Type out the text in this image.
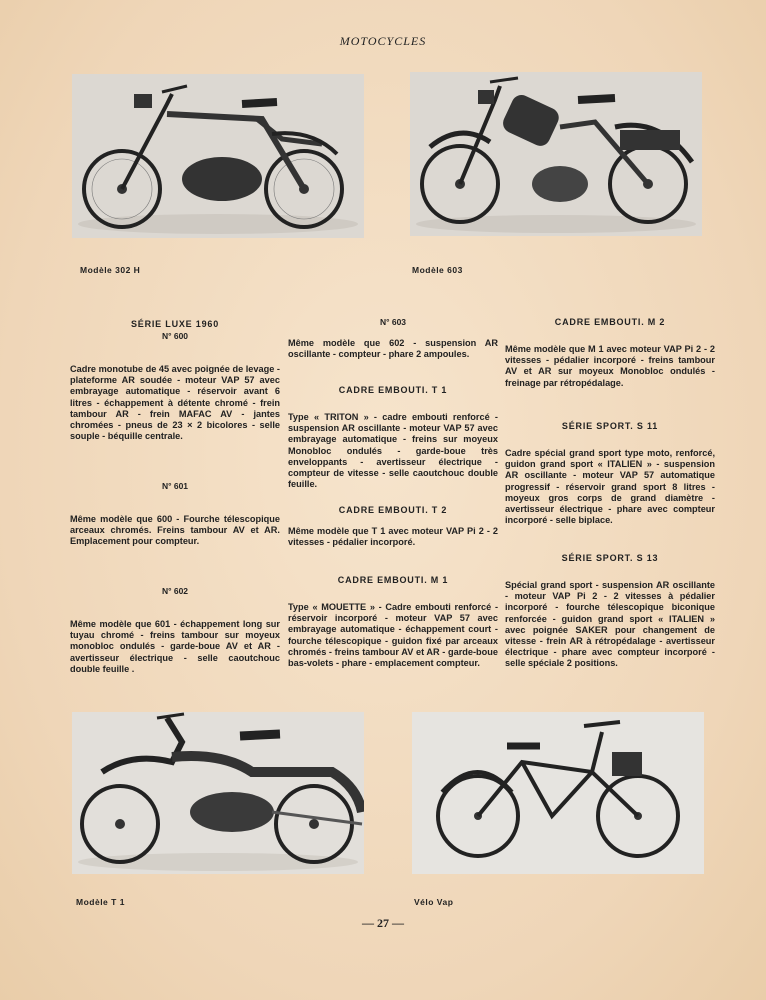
MOTOCYCLES
Modèle 302 H	Modèle 603
SÉRIE LUXE 1960
N° 600
Cadre monotube de 45 avec poignée de levage - plateforme AR soudée - moteur VAP 57 avec embrayage automatique - réservoir avant 6 litres - échappement à détente chromé - frein tambour AR - frein MAFAC AV - jantes chromées - pneus de 23 × 2 bicolores - selle souple - béquille centrale.
N° 601
Même modèle que 600 - Fourche télescopique arceaux chromés. Freins tambour AV et AR. Emplacement pour compteur.
N° 602
Même modèle que 601 - échappement long sur tuyau chromé - freins tambour sur moyeux monobloc ondulés - garde-boue AV et AR - avertisseur électrique - selle caoutchouc double feuille .
N° 603
Même modèle que 602 - suspension AR oscillante - compteur - phare 2 ampoules.
CADRE EMBOUTI. T 1
Type « TRITON » - cadre embouti renforcé - suspension AR oscillante - moteur VAP 57 avec embrayage automatique - freins sur moyeux Monobloc ondulés - garde-boue très enveloppants - avertisseur électrique - compteur de vitesse - selle caoutchouc double feuille.
CADRE EMBOUTI. T 2
Même modèle que T 1 avec moteur VAP Pi 2 - 2 vitesses - pédalier incorporé.
CADRE EMBOUTI. M 1
Type « MOUETTE » - Cadre embouti renforcé - réservoir incorporé - moteur VAP 57 avec embrayage automatique - échappement court - fourche télescopique - guidon fixé par arceaux chromés - freins tambour AV et AR - garde-boue bas-volets - phare - emplacement compteur.
CADRE EMBOUTI. M 2
Même modèle que M 1 avec moteur VAP Pi 2 - 2 vitesses - pédalier incorporé - freins tambour AV et AR sur moyeux Monobloc ondulés - freinage par rétropédalage.
SÉRIE SPORT. S 11
Cadre spécial grand sport type moto, renforcé, guidon grand sport « ITALIEN » - suspension AR oscillante - moteur VAP 57 automatique progressif - réservoir grand sport 8 litres - moyeux gros corps de grand diamètre - avertisseur électrique - phare avec compteur incorporé - selle biplace.
SÉRIE SPORT. S 13
Spécial grand sport - suspension AR oscillante - moteur VAP Pi 2 - 2 vitesses à pédalier incorporé - fourche télescopique biconique renforcée - guidon grand sport « ITALIEN » avec poignée SAKER pour changement de vitesse - frein AR à rétropédalage - avertisseur électrique - phare avec compteur incorporé - selle spéciale 2 positions.
Modèle T 1	Vélo Vap
— 27 —
